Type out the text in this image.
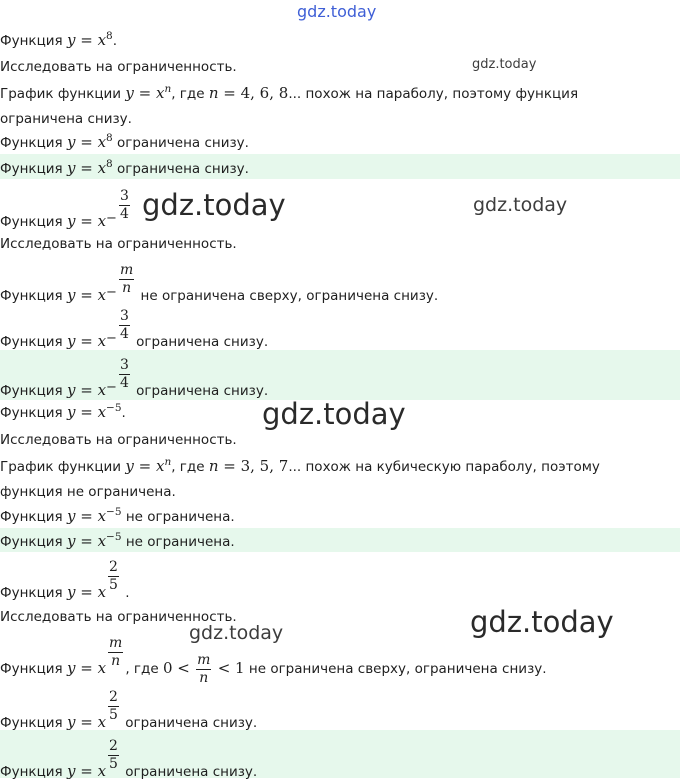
gdz.today
gdz.today
gdz.today	gdz.today
gdz.today
gdz.today
gdz.today
Функция $y = x^8$.
Исследовать на ограниченность.
График функции $y = x^n$, где n = 4, 6, 8... похож на параболу, поэтому функция
ограничена снизу.
Функция $y = x^8$ ограничена снизу.
Функция $y = x^8$ ограничена снизу.
Функция $y = x- \frac{3}{4}$
Исследовать на ограниченность.
Функция $y = x- \frac{m}{n}$ не ограничена сверху, ограничена снизу.
Функция $y = x- \frac{3}{4}$ ограничена снизу.
Функция $y = x- \frac{3}{4}$ ограничена снизу.
Функция $y = x^{-5}$.
Исследовать на ограниченность.
График функции $y = x^n$, где n = 3, 5, 7... похож на кубическую параболу, поэтому
функция не ограничена.
Функция $y = x^{-5}$ не ограничена.
Функция $y = x^{-5}$ не ограничена.
Функция y = x $\frac{2}{5}$ .
Исследовать на ограниченность.
Функция y = x $\frac{m}{n}$ , где $0 < \frac{m}{n} < 1$ не ограничена сверху, ограничена снизу.
Функция y = x $\frac{2}{5}$ ограничена снизу.
Функция y = x $\frac{2}{5}$ ограничена снизу.
